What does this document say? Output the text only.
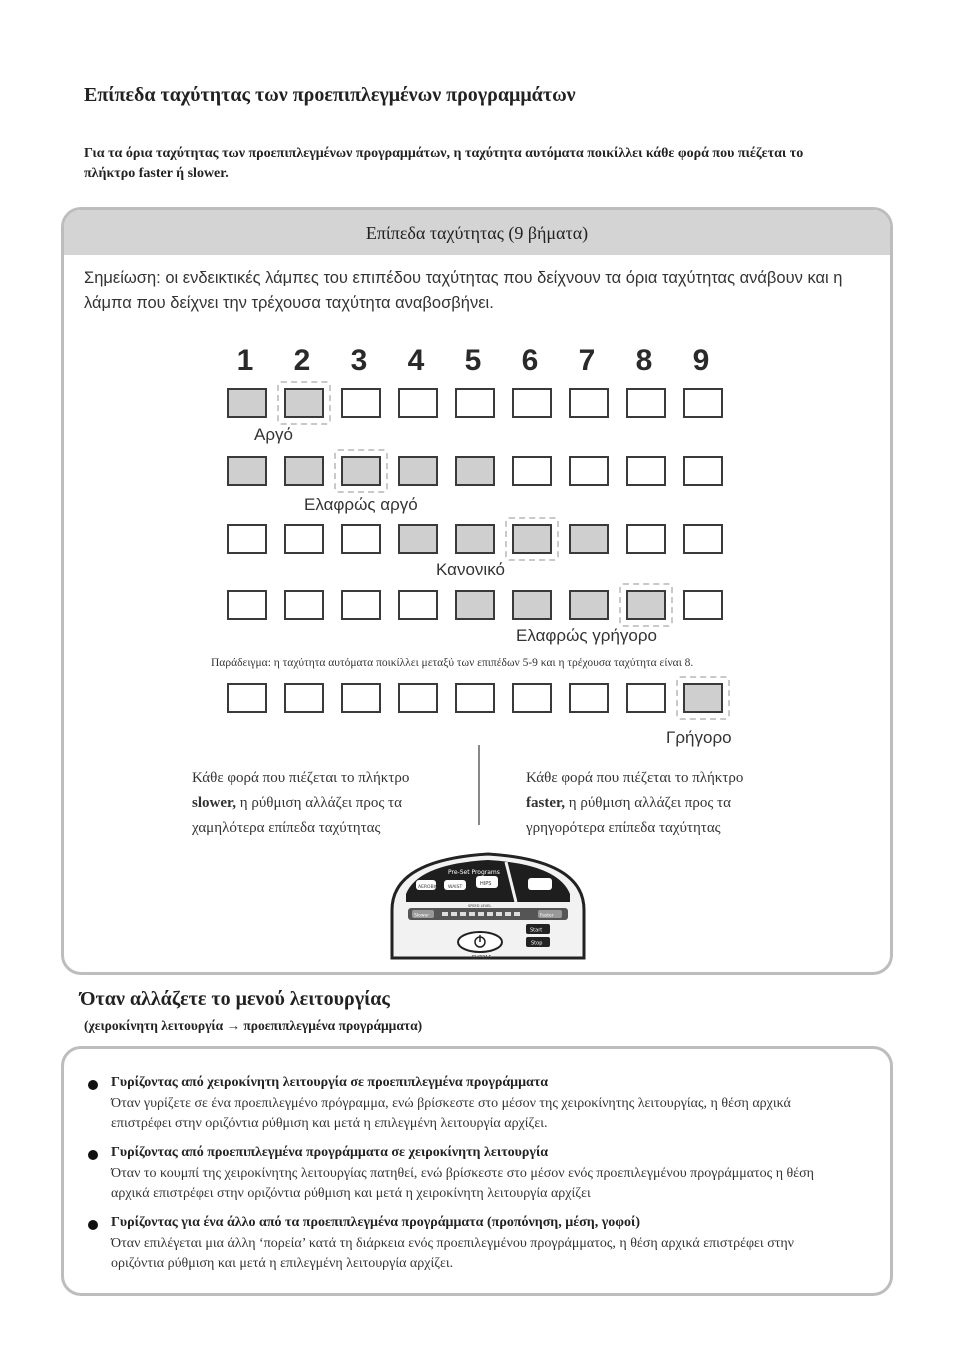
Επίπεδα ταχύτητας των προεπιπλεγμένων προγραμμάτων
Για τα όρια ταχύτητας των προεπιπλεγμένων προγραμμάτων, η ταχύτητα αυτόματα ποικίλλει κάθε φορά που πιέζεται το πλήκτρο faster ή slower.
Επίπεδα ταχύτητας (9 βήματα)
Σημείωση: οι ενδεικτικές λάμπες του επιπέδου ταχύτητας που δείχνουν τα όρια ταχύτητας ανάβουν και η λάμπα που δείχνει την τρέχουσα ταχύτητα αναβοσβήνει.
1	2	3	4	5	6	7	8	9
Αργό
Ελαφρώς αργό
Κανονικό
Ελαφρώς γρήγορο
Γρήγορο
Παράδειγμα: η ταχύτητα αυτόματα ποικίλλει μεταξύ των επιπέδων 5-9 και η τρέχουσα ταχύτητα είναι 8.
Κάθε φορά που πιέζεται το πλήκτρο
slower, η ρύθμιση αλλάζει προς τα
χαμηλότερα επίπεδα ταχύτητας
Κάθε φορά που πιέζεται το πλήκτρο
faster, η ρύθμιση αλλάζει προς τα
γρηγορότερα επίπεδα ταχύτητας
Pre-Set Programs
AEROBIC WAIST
HIPS
Slower	Faster
SPEED LEVEL
Start
Stop
EU7215
Όταν αλλάζετε το μενού λειτουργίας
(χειροκίνητη λειτουργία → προεπιπλεγμένα προγράμματα)
Γυρίζοντας από χειροκίνητη λειτουργία σε προεπιπλεγμένα προγράμματα
Όταν γυρίζετε σε ένα προεπιλεγμένο πρόγραμμα, ενώ βρίσκεστε στο μέσον της χειροκίνητης λειτουργίας, η θέση αρχικά επιστρέφει στην οριζόντια ρύθμιση και μετά η επιλεγμένη λειτουργία αρχίζει.
Γυρίζοντας από προεπιπλεγμένα προγράμματα σε χειροκίνητη λειτουργία
Όταν το κουμπί της χειροκίνητης λειτουργίας πατηθεί, ενώ βρίσκεστε στο μέσον ενός προεπιλεγμένου προγράμματος η θέση αρχικά επιστρέφει στην οριζόντια ρύθμιση και μετά η χειροκίνητη λειτουργία αρχίζει
Γυρίζοντας για ένα άλλο από τα προεπιπλεγμένα προγράμματα (προπόνηση, μέση, γοφοί)
Όταν επιλέγεται μια άλλη ‘πορεία’ κατά τη διάρκεια ενός προεπιλεγμένου προγράμματος, η θέση αρχικά επιστρέφει στην οριζόντια ρύθμιση και μετά η επιλεγμένη λειτουργία αρχίζει.
